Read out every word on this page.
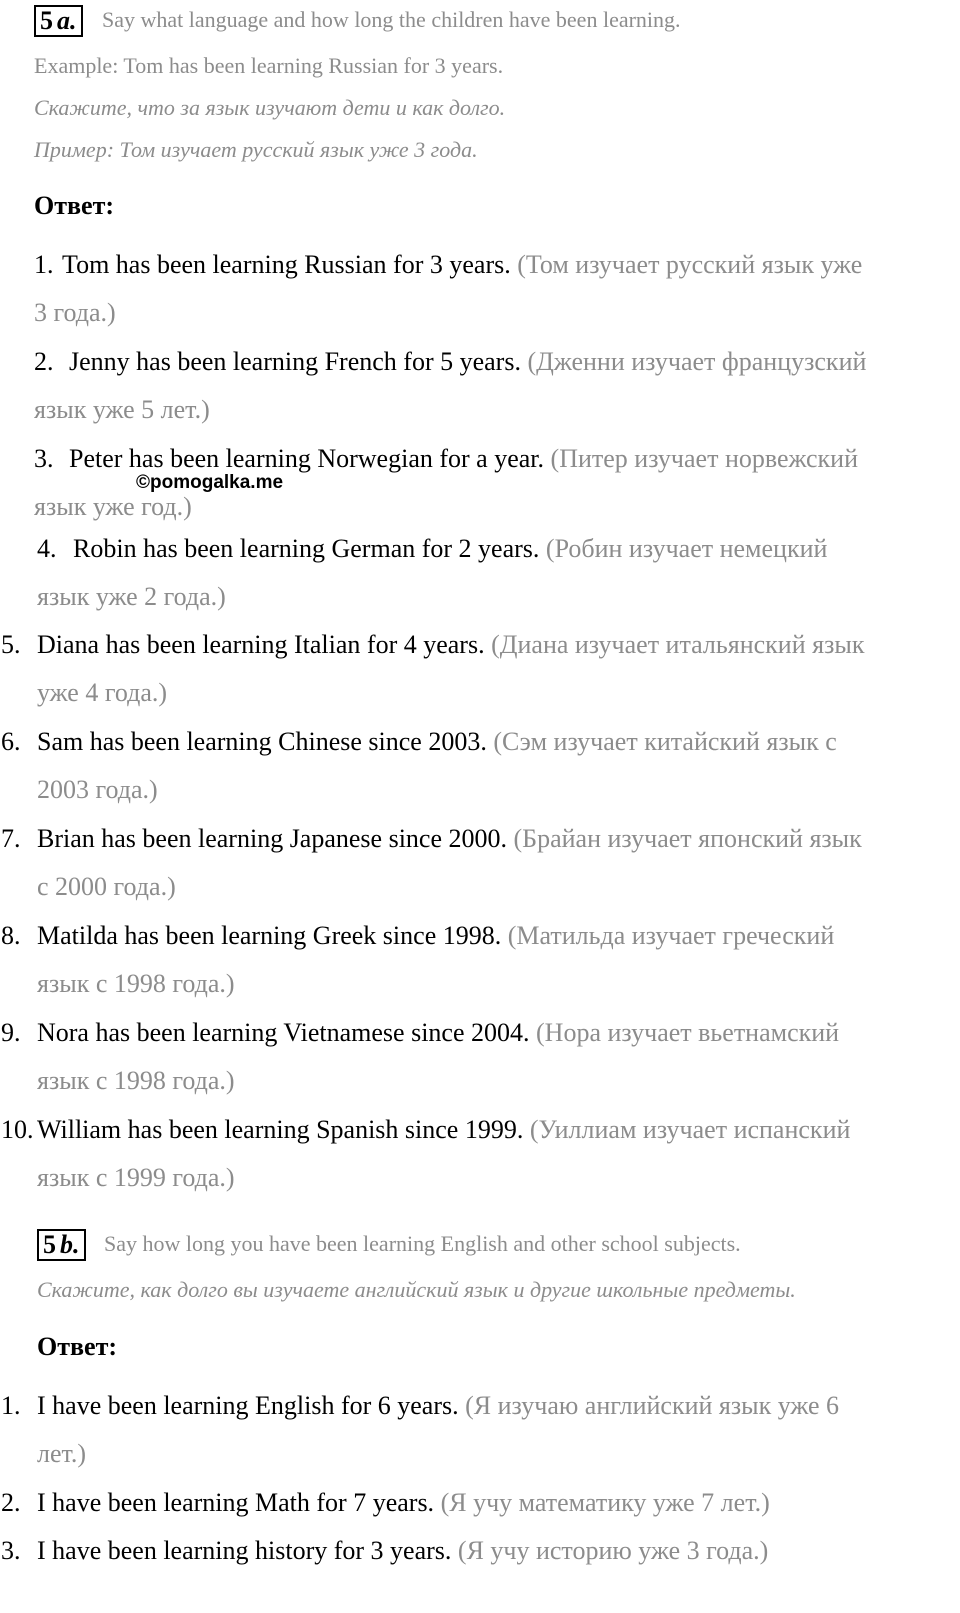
5 a. Say what language and how long the children have been learning.
Example: Tom has been learning Russian for 3 years.
Скажите, что за язык изучают дети и как долго.
Пример: Том изучает русский язык уже 3 года.
Ответ:
1. Tom has been learning Russian for 3 years. (Том изучает русский язык уже
3 года.)
2. Jenny has been learning French for 5 years. (Дженни изучает французский
язык уже 5 лет.)
3. Peter has been learning Norwegian for a year. (Питер изучает норвежский
язык уже год.)
4. Robin has been learning German for 2 years. (Робин изучает немецкий
язык уже 2 года.)
5. Diana has been learning Italian for 4 years. (Диана изучает итальянский язык
уже 4 года.)
6. Sam has been learning Chinese since 2003. (Сэм изучает китайский язык с
2003 года.)
7. Brian has been learning Japanese since 2000. (Брайан изучает японский язык
с 2000 года.)
8. Matilda has been learning Greek since 1998. (Матильда изучает греческий
язык с 1998 года.)
9. Nora has been learning Vietnamese since 2004. (Нора изучает вьетнамский
язык с 1998 года.)
10. William has been learning Spanish since 1999. (Уиллиам изучает испанский
язык с 1999 года.)
©pomogalka.me
5 b. Say how long you have been learning English and other school subjects.
Скажите, как долго вы изучаете английский язык и другие школьные предметы.
Ответ:
1. I have been learning English for 6 years. (Я изучаю английский язык уже 6
лет.)
2. I have been learning Math for 7 years. (Я учу математику уже 7 лет.)
3. I have been learning history for 3 years. (Я учу историю уже 3 года.)
